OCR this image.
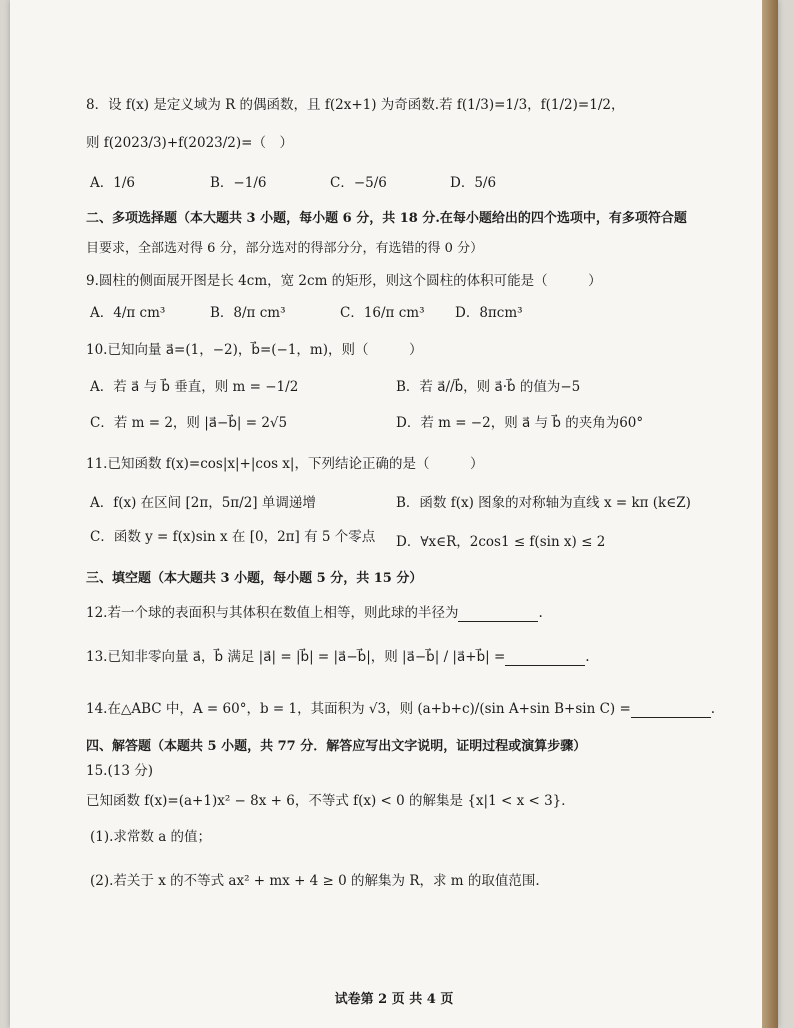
8．设 f(x) 是定义域为 R 的偶函数，且 f(2x+1) 为奇函数.若 f(1/3)=1/3，f(1/2)=1/2，
则 f(2023/3)+f(2023/2)=（　）
A．1/6	B．−1/6	C．−5/6	D．5/6
二、多项选择题（本大题共 3 小题，每小题 6 分，共 18 分.在每小题给出的四个选项中，有多项符合题
目要求，全部选对得 6 分，部分选对的得部分分，有选错的得 0 分）
9.圆柱的侧面展开图是长 4cm，宽 2cm 的矩形，则这个圆柱的体积可能是（　　　）
A．4/π cm³	B．8/π cm³	C．16/π cm³ D．8πcm³
10.已知向量 a⃗=(1，−2)，b⃗=(−1，m)，则（　　　）
A．若 a⃗ 与 b⃗ 垂直，则 m = −1/2	B．若 a⃗//b⃗，则 a⃗·b⃗ 的值为−5
C．若 m = 2，则 |a⃗−b⃗| = 2√5	D．若 m = −2，则 a⃗ 与 b⃗ 的夹角为60°
11.已知函数 f(x)=cos|x|+|cos x|，下列结论正确的是（　　　）
A．f(x) 在区间 [2π，5π/2] 单调递增	B．函数 f(x) 图象的对称轴为直线 x = kπ (k∈Z)
C．函数 y = f(x)sin x 在 [0，2π] 有 5 个零点 D．∀x∈R，2cos1 ≤ f(sin x) ≤ 2
三、填空题（本大题共 3 小题，每小题 5 分，共 15 分）
12.若一个球的表面积与其体积在数值上相等，则此球的半径为	.
13.已知非零向量 a⃗，b⃗ 满足 |a⃗| = |b⃗| = |a⃗−b⃗|，则 |a⃗−b⃗| / |a⃗+b⃗| =	.
14.在△ABC 中，A = 60°，b = 1，其面积为 √3，则 (a+b+c)/(sin A+sin B+sin C) =	.
四、解答题（本题共 5 小题，共 77 分．解答应写出文字说明，证明过程或演算步骤）
15.(13 分)
已知函数 f(x)=(a+1)x² − 8x + 6，不等式 f(x) < 0 的解集是 {x|1 < x < 3}．
(1).求常数 a 的值；
(2).若关于 x 的不等式 ax² + mx + 4 ≥ 0 的解集为 R，求 m 的取值范围.
试卷第 2 页 共 4 页
